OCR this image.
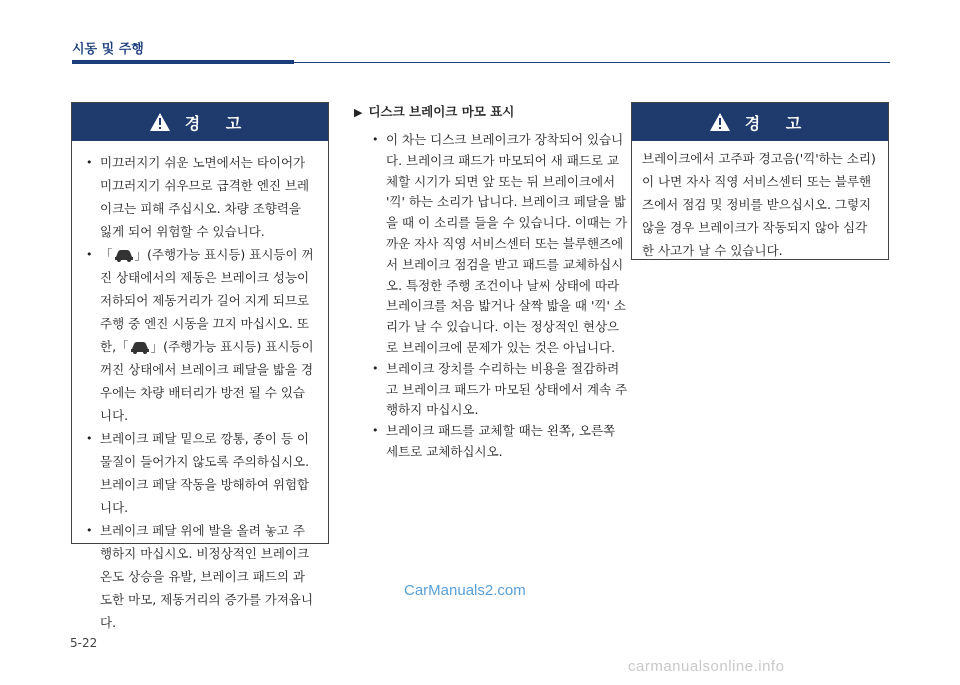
시동 및 주행
경 고
• 미끄러지기 쉬운 노면에서는 타이어가 미끄러지기 쉬우므로 급격한 엔진 브레이크는 피해 주십시오. 차량 조향력을 잃게 되어 위험할 수 있습니다.
• 「 」(주행가능 표시등) 표시등이 꺼진 상태에서의 제동은 브레이크 성능이 저하되어 제동거리가 길어 지게 되므로 주행 중 엔진 시동을 끄지 마십시오. 또한,「 」(주행가능 표시등) 표시등이 꺼진 상태에서 브레이크 페달을 밟을 경우에는 차량 배터리가 방전 될 수 있습니다.
• 브레이크 페달 밑으로 깡통, 종이 등 이물질이 들어가지 않도록 주의하십시오.
브레이크 페달 작동을 방해하여 위험합니다.
• 브레이크 페달 위에 발을 올려 놓고 주행하지 마십시오. 비정상적인 브레이크 온도 상승을 유발, 브레이크 패드의 과도한 마모, 제동거리의 증가를 가져옵니다.
▶ 디스크 브레이크 마모 표시
• 이 차는 디스크 브레이크가 장착되어 있습니다. 브레이크 패드가 마모되어 새 패드로 교체할 시기가 되면 앞 또는 뒤 브레이크에서 '끽' 하는 소리가 납니다. 브레이크 페달을 밟을 때 이 소리를 들을 수 있습니다. 이때는 가까운 자사 직영 서비스센터 또는 블루핸즈에서 브레이크 점검을 받고 패드를 교체하십시오. 특정한 주행 조건이나 날씨 상태에 따라 브레이크를 처음 밟거나 살짝 밟을 때 '끽' 소리가 날 수 있습니다. 이는 정상적인 현상으로 브레이크에 문제가 있는 것은 아닙니다.
• 브레이크 장치를 수리하는 비용을 절감하려고 브레이크 패드가 마모된 상태에서 계속 주행하지 마십시오.
• 브레이크 패드를 교체할 때는 왼쪽, 오른쪽 세트로 교체하십시오.
경 고
브레이크에서 고주파 경고음('끽'하는 소리)이 나면 자사 직영 서비스센터 또는 블루핸즈에서 점검 및 정비를 받으십시오. 그렇지 않을 경우 브레이크가 작동되지 않아 심각한 사고가 날 수 있습니다.
CarManuals2.com
5-22
carmanualsonline.info
